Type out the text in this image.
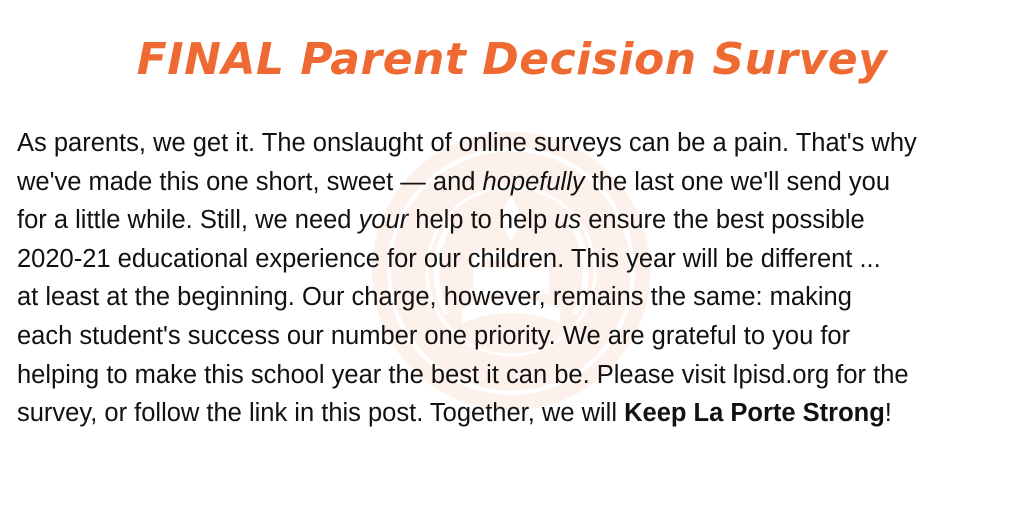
FINAL Parent Decision Survey
As parents, we get it. The onslaught of online surveys can be a pain. That's why
we've made this one short, sweet — and hopefully the last one we'll send you
for a little while. Still, we need your help to help us ensure the best possible
2020-21 educational experience for our children. This year will be different ...
at least at the beginning. Our charge, however, remains the same: making
each student's success our number one priority. We are grateful to you for
helping to make this school year the best it can be. Please visit lpisd.org for the
survey, or follow the link in this post. Together, we will Keep La Porte Strong!
